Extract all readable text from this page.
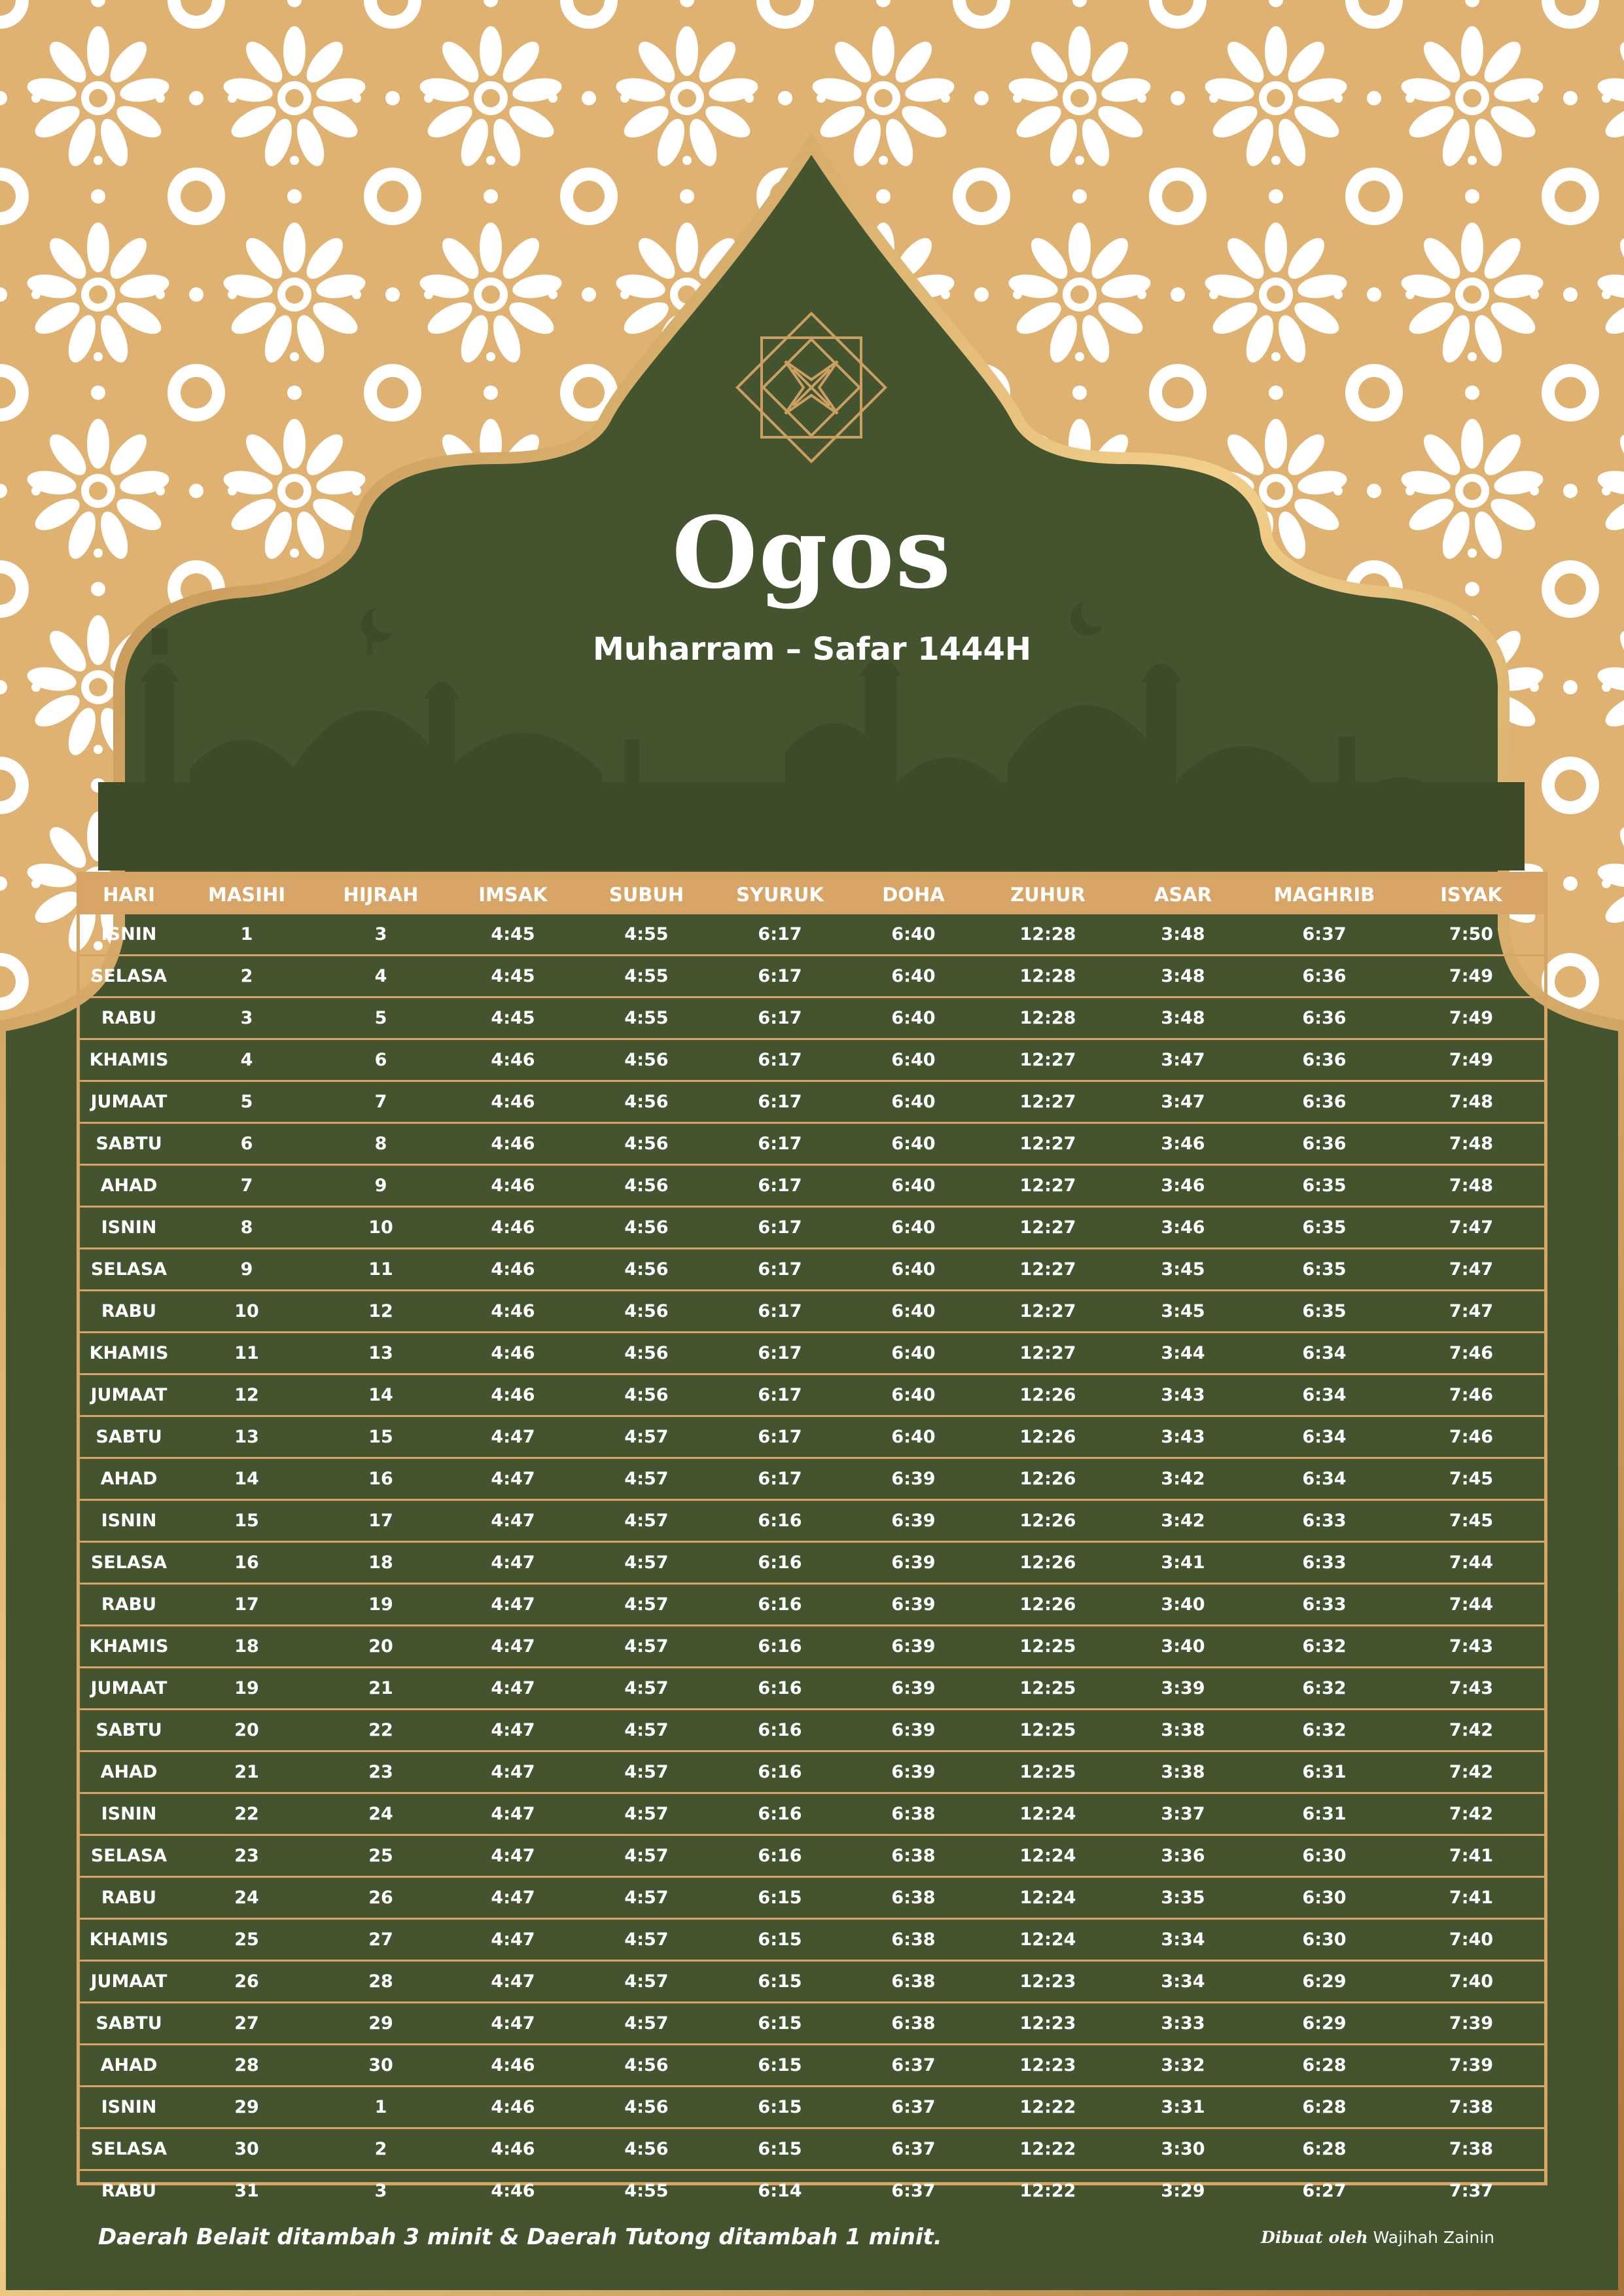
Ogos
Muharram – Safar 1444H
HARI	MASIHI	HIJRAH	IMSAK	SUBUH	SYURUK	DOHA	ZUHUR	ASAR	MAGHRIB	ISYAK
ISNIN	1	3	4:45	4:55	6:17	6:40	12:28	3:48	6:37	7:50
SELASA	2	4	4:45	4:55	6:17	6:40	12:28	3:48	6:36	7:49
RABU	3	5	4:45	4:55	6:17	6:40	12:28	3:48	6:36	7:49
KHAMIS	4	6	4:46	4:56	6:17	6:40	12:27	3:47	6:36	7:49
JUMAAT	5	7	4:46	4:56	6:17	6:40	12:27	3:47	6:36	7:48
SABTU	6	8	4:46	4:56	6:17	6:40	12:27	3:46	6:36	7:48
AHAD	7	9	4:46	4:56	6:17	6:40	12:27	3:46	6:35	7:48
ISNIN	8	10	4:46	4:56	6:17	6:40	12:27	3:46	6:35	7:47
SELASA	9	11	4:46	4:56	6:17	6:40	12:27	3:45	6:35	7:47
RABU	10	12	4:46	4:56	6:17	6:40	12:27	3:45	6:35	7:47
KHAMIS	11	13	4:46	4:56	6:17	6:40	12:27	3:44	6:34	7:46
JUMAAT	12	14	4:46	4:56	6:17	6:40	12:26	3:43	6:34	7:46
SABTU	13	15	4:47	4:57	6:17	6:40	12:26	3:43	6:34	7:46
AHAD	14	16	4:47	4:57	6:17	6:39	12:26	3:42	6:34	7:45
ISNIN	15	17	4:47	4:57	6:16	6:39	12:26	3:42	6:33	7:45
SELASA	16	18	4:47	4:57	6:16	6:39	12:26	3:41	6:33	7:44
RABU	17	19	4:47	4:57	6:16	6:39	12:26	3:40	6:33	7:44
KHAMIS	18	20	4:47	4:57	6:16	6:39	12:25	3:40	6:32	7:43
JUMAAT	19	21	4:47	4:57	6:16	6:39	12:25	3:39	6:32	7:43
SABTU	20	22	4:47	4:57	6:16	6:39	12:25	3:38	6:32	7:42
AHAD	21	23	4:47	4:57	6:16	6:39	12:25	3:38	6:31	7:42
ISNIN	22	24	4:47	4:57	6:16	6:38	12:24	3:37	6:31	7:42
SELASA	23	25	4:47	4:57	6:16	6:38	12:24	3:36	6:30	7:41
RABU	24	26	4:47	4:57	6:15	6:38	12:24	3:35	6:30	7:41
KHAMIS	25	27	4:47	4:57	6:15	6:38	12:24	3:34	6:30	7:40
JUMAAT	26	28	4:47	4:57	6:15	6:38	12:23	3:34	6:29	7:40
SABTU	27	29	4:47	4:57	6:15	6:38	12:23	3:33	6:29	7:39
AHAD	28	30	4:46	4:56	6:15	6:37	12:23	3:32	6:28	7:39
ISNIN	29	1	4:46	4:56	6:15	6:37	12:22	3:31	6:28	7:38
SELASA	30	2	4:46	4:56	6:15	6:37	12:22	3:30	6:28	7:38
RABU	31	3	4:46	4:55	6:14	6:37	12:22	3:29	6:27	7:37
Daerah Belait ditambah 3 minit & Daerah Tutong ditambah 1 minit.	Dibuat oleh Wajihah Zainin
